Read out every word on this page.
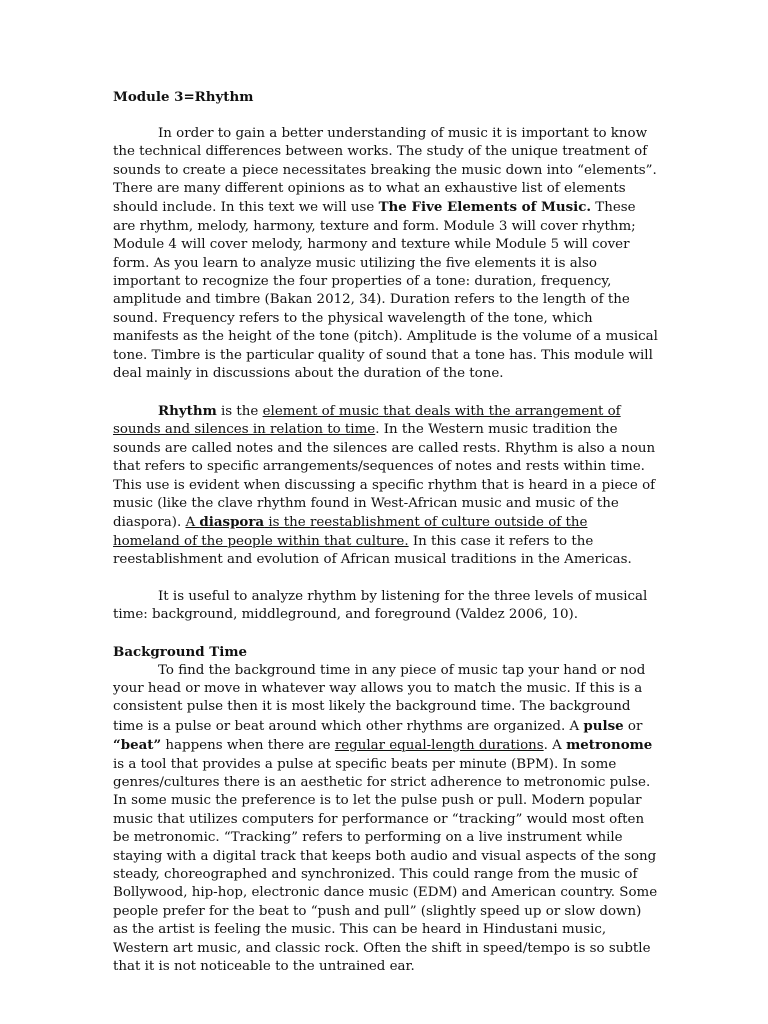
Module 3=Rhythm

In order to gain a better understanding of music it is important to know the technical differences between works. The study of the unique treatment of sounds to create a piece necessitates breaking the music down into “elements”. There are many different opinions as to what an exhaustive list of elements should include. In this text we will use The Five Elements of Music. These are rhythm, melody, harmony, texture and form. Module 3 will cover rhythm; Module 4 will cover melody, harmony and texture while Module 5 will cover form. As you learn to analyze music utilizing the five elements it is also important to recognize the four properties of a tone: duration, frequency, amplitude and timbre (Bakan 2012, 34). Duration refers to the length of the sound. Frequency refers to the physical wavelength of the tone, which manifests as the height of the tone (pitch). Amplitude is the volume of a musical tone. Timbre is the particular quality of sound that a tone has. This module will deal mainly in discussions about the duration of the tone.

Rhythm is the element of music that deals with the arrangement of sounds and silences in relation to time. In the Western music tradition the sounds are called notes and the silences are called rests. Rhythm is also a noun that refers to specific arrangements/sequences of notes and rests within time. This use is evident when discussing a specific rhythm that is heard in a piece of music (like the clave rhythm found in West-African music and music of the diaspora). A diaspora is the reestablishment of culture outside of the homeland of the people within that culture. In this case it refers to the reestablishment and evolution of African musical traditions in the Americas.

It is useful to analyze rhythm by listening for the three levels of musical time: background, middleground, and foreground (Valdez 2006, 10).

Background Time

To find the background time in any piece of music tap your hand or nod your head or move in whatever way allows you to match the music. If this is a consistent pulse then it is most likely the background time. The background time is a pulse or beat around which other rhythms are organized. A pulse or “beat” happens when there are regular equal-length durations. A metronome is a tool that provides a pulse at specific beats per minute (BPM). In some genres/cultures there is an aesthetic for strict adherence to metronomic pulse. In some music the preference is to let the pulse push or pull. Modern popular music that utilizes computers for performance or “tracking” would most often be metronomic. “Tracking” refers to performing on a live instrument while staying with a digital track that keeps both audio and visual aspects of the song steady, choreographed and synchronized. This could range from the music of Bollywood, hip-hop, electronic dance music (EDM) and American country. Some people prefer for the beat to “push and pull” (slightly speed up or slow down) as the artist is feeling the music. This can be heard in Hindustani music, Western art music, and classic rock. Often the shift in speed/tempo is so subtle that it is not noticeable to the untrained ear.
